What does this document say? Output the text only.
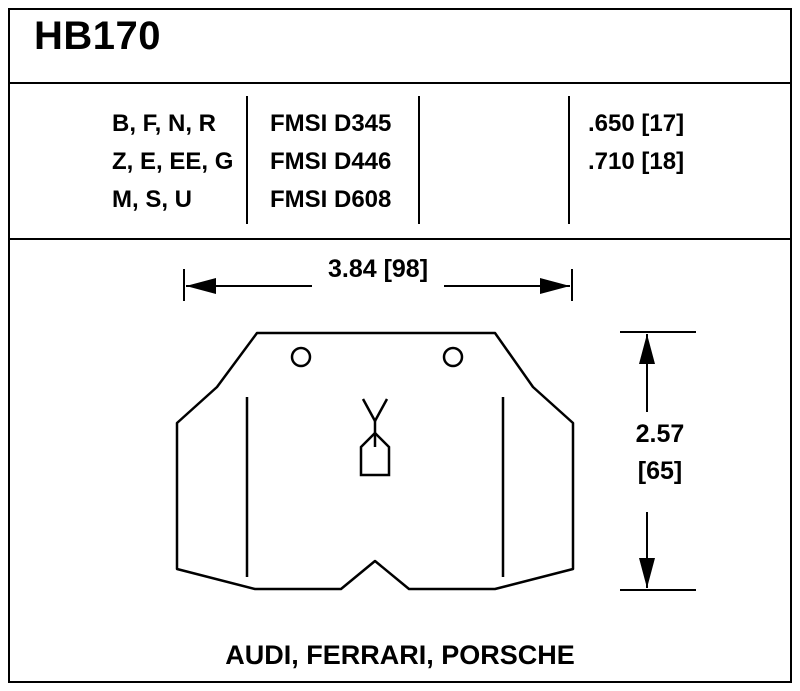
HB170
B, F, N, R
Z, E, EE, G
M, S, U
FMSI D345
FMSI D446
FMSI D608
.650 [17]
.710 [18]
3.84 [98]
2.57
[65]
AUDI, FERRARI, PORSCHE
